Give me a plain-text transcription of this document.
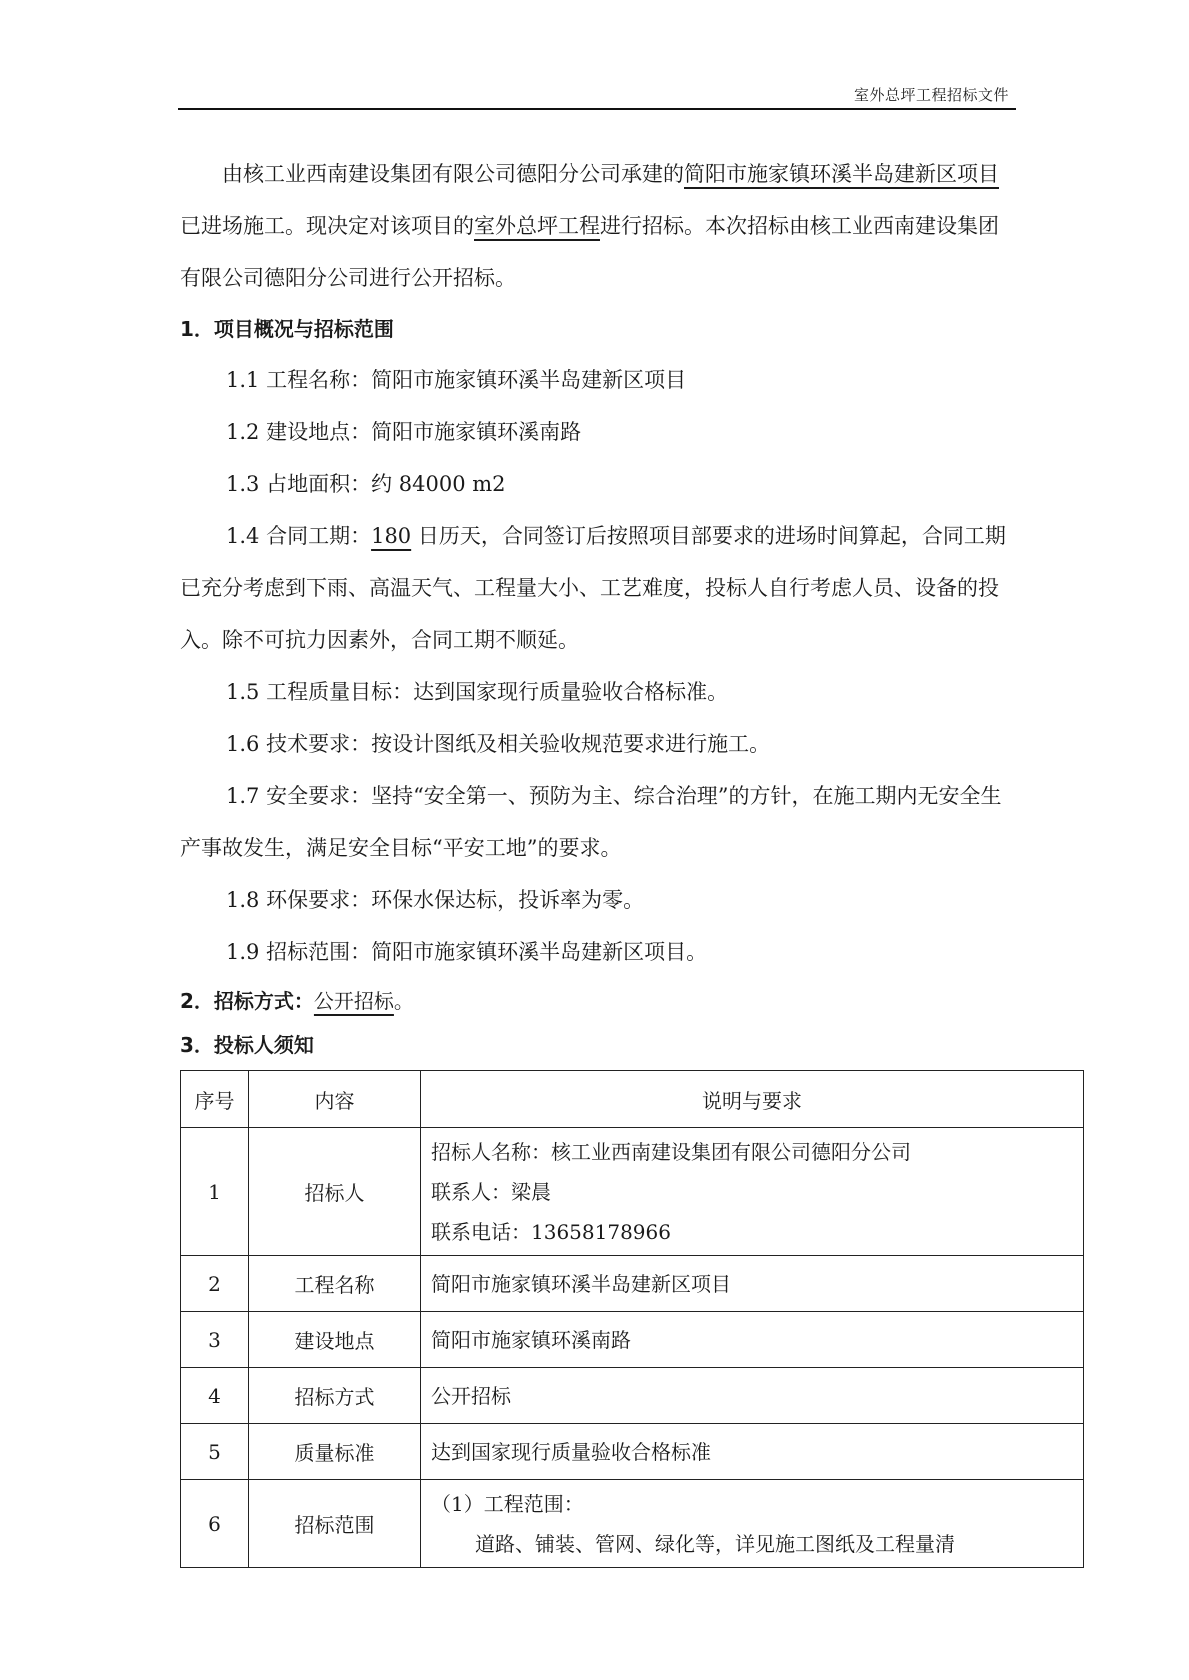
室外总坪工程招标文件

由核工业西南建设集团有限公司德阳分公司承建的简阳市施家镇环溪半岛建新区项目已进场施工。现决定对该项目的室外总坪工程进行招标。本次招标由核工业西南建设集团有限公司德阳分公司进行公开招标。

1．项目概况与招标范围

1.1 工程名称：简阳市施家镇环溪半岛建新区项目

1.2 建设地点：简阳市施家镇环溪南路

1.3 占地面积：约 84000 m2

1.4 合同工期：180 日历天，合同签订后按照项目部要求的进场时间算起，合同工期已充分考虑到下雨、高温天气、工程量大小、工艺难度，投标人自行考虑人员、设备的投入。除不可抗力因素外，合同工期不顺延。

1.5 工程质量目标：达到国家现行质量验收合格标准。

1.6 技术要求：按设计图纸及相关验收规范要求进行施工。

1.7 安全要求：坚持“安全第一、预防为主、综合治理”的方针，在施工期内无安全生产事故发生，满足安全目标“平安工地”的要求。

1.8 环保要求：环保水保达标，投诉率为零。

1.9 招标范围：简阳市施家镇环溪半岛建新区项目。

2．招标方式：公开招标。

3．投标人须知

序号	内容	说明与要求
1	招标人	招标人名称：核工业西南建设集团有限公司德阳分公司
联系人：梁晨
联系电话：13658178966

2	工程名称	简阳市施家镇环溪半岛建新区项目
3	建设地点	简阳市施家镇环溪南路
4	招标方式	公开招标
5	质量标准	达到国家现行质量验收合格标准
6	招标范围	（1）工程范围：
道路、铺装、管网、绿化等，详见施工图纸及工程量清
